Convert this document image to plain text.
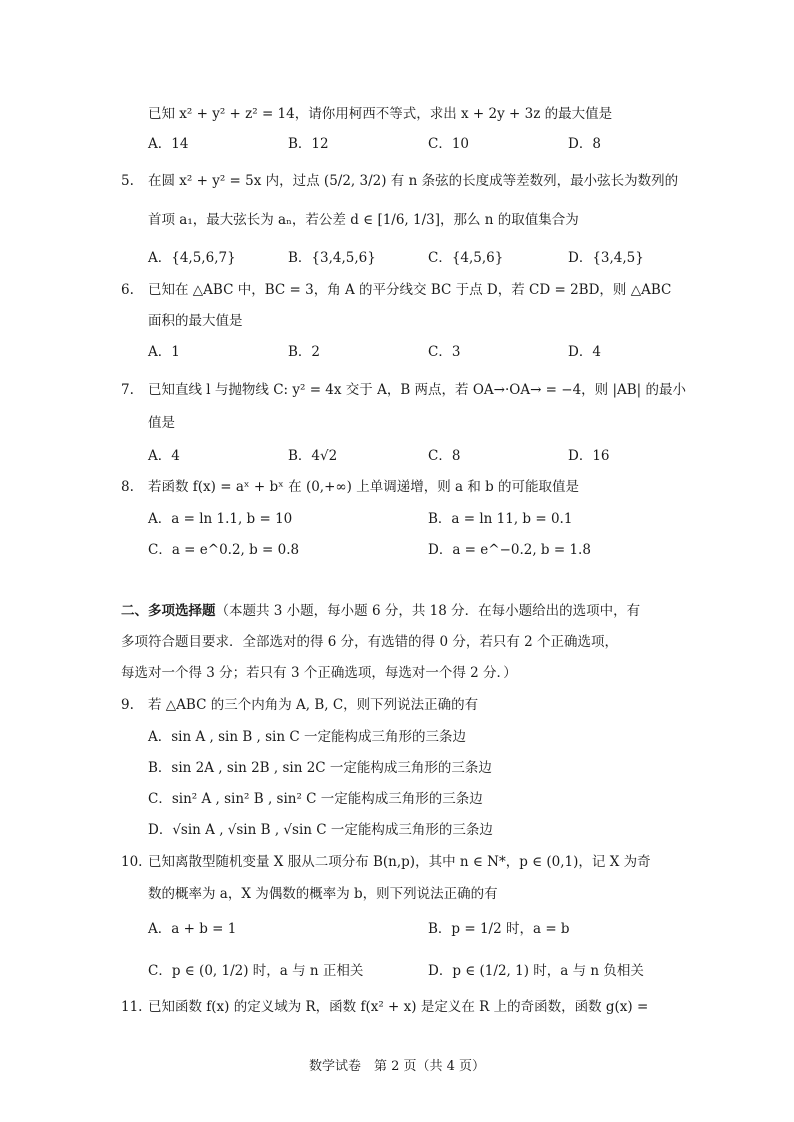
已知 x² + y² + z² = 14，请你用柯西不等式，求出 x + 2y + 3z 的最大值是
A．14	B．12	C．10	D．8
5. 在圆 x² + y² = 5x 内，过点 (5/2, 3/2) 有 n 条弦的长度成等差数列，最小弦长为数列的
首项 a₁，最大弦长为 aₙ，若公差 d ∈ [1/6, 1/3]，那么 n 的取值集合为
A．{4,5,6,7}	B．{3,4,5,6}	C．{4,5,6}	D．{3,4,5}
6. 已知在 △ABC 中，BC = 3，角 A 的平分线交 BC 于点 D，若 CD = 2BD，则 △ABC
面积的最大值是
A．1	B．2	C．3	D．4
7. 已知直线 l 与抛物线 C: y² = 4x 交于 A，B 两点，若 OA→·OA→ = −4，则 |AB| 的最小
值是
A．4	B．4√2	C．8	D．16
8. 若函数 f(x) = aˣ + bˣ 在 (0,+∞) 上单调递增，则 a 和 b 的可能取值是
A．a = ln 1.1, b = 10	B．a = ln 11, b = 0.1
C．a = e^0.2, b = 0.8	D．a = e^−0.2, b = 1.8
二、多项选择题（本题共 3 小题，每小题 6 分，共 18 分．在每小题给出的选项中，有
多项符合题目要求．全部选对的得 6 分，有选错的得 0 分，若只有 2 个正确选项，
每选对一个得 3 分；若只有 3 个正确选项，每选对一个得 2 分．）
9. 若 △ABC 的三个内角为 A, B, C，则下列说法正确的有
A．sin A , sin B , sin C 一定能构成三角形的三条边
B．sin 2A , sin 2B , sin 2C 一定能构成三角形的三条边
C．sin² A , sin² B , sin² C 一定能构成三角形的三条边
D．√sin A , √sin B , √sin C 一定能构成三角形的三条边
10. 已知离散型随机变量 X 服从二项分布 B(n,p)，其中 n ∈ N*，p ∈ (0,1)，记 X 为奇
数的概率为 a，X 为偶数的概率为 b，则下列说法正确的有
A．a + b = 1	B．p = 1/2 时，a = b
C．p ∈ (0, 1/2) 时，a 与 n 正相关	D．p ∈ (1/2, 1) 时，a 与 n 负相关
11. 已知函数 f(x) 的定义域为 R，函数 f(x² + x) 是定义在 R 上的奇函数，函数 g(x) =
数学试卷　第 2 页（共 4 页）
